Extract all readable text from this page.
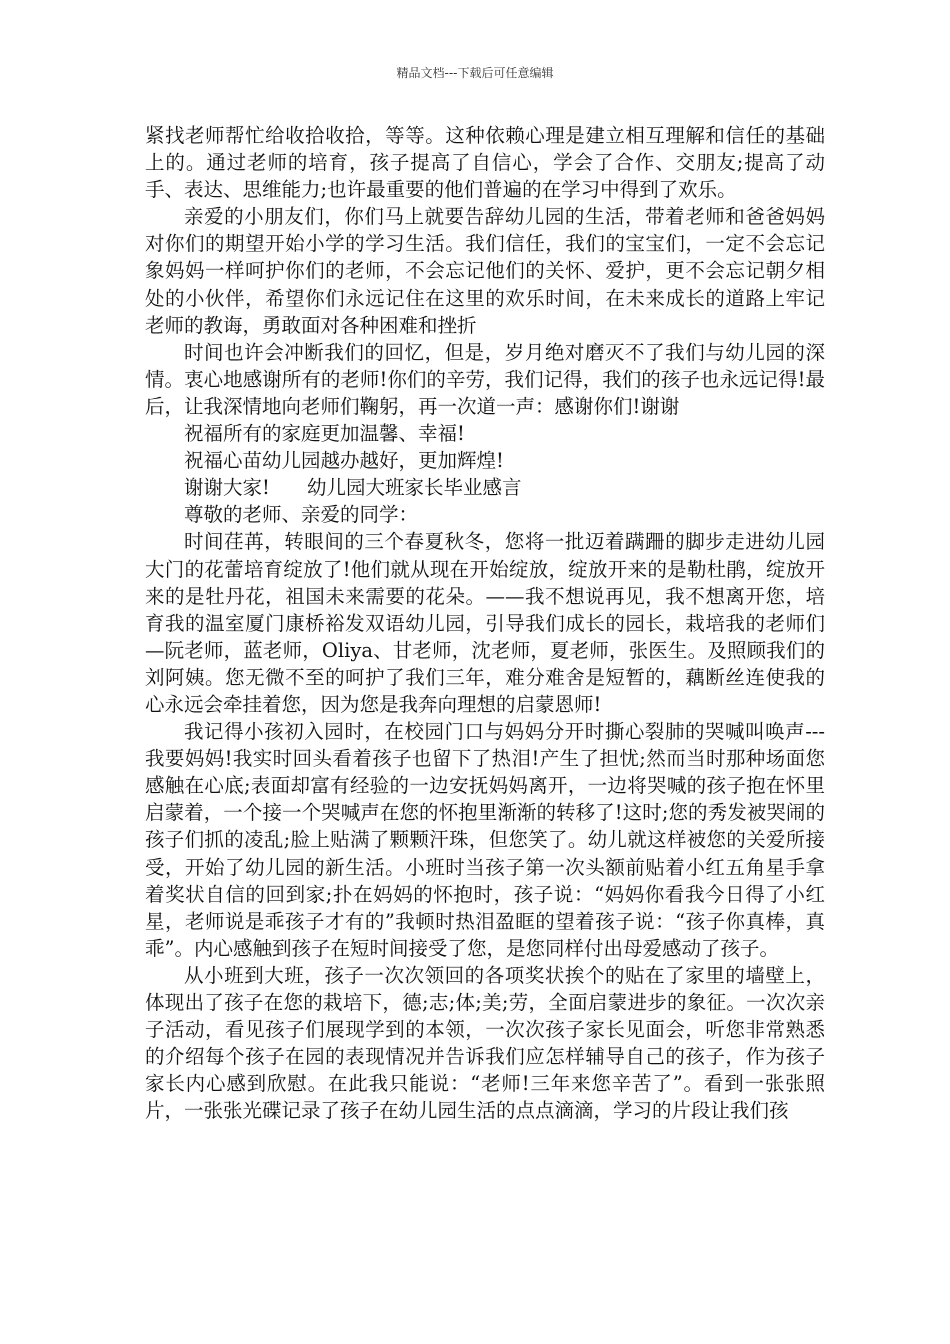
精品文档---下载后可任意编辑

紧找老师帮忙给收拾收拾，等等。这种依赖心理是建立相互理解和信任的基础上的。通过老师的培育，孩子提高了自信心，学会了合作、交朋友;提高了动手、表达、思维能力;也许最重要的他们普遍的在学习中得到了欢乐。

亲爱的小朋友们，你们马上就要告辞幼儿园的生活，带着老师和爸爸妈妈对你们的期望开始小学的学习生活。我们信任，我们的宝宝们，一定不会忘记象妈妈一样呵护你们的老师，不会忘记他们的关怀、爱护，更不会忘记朝夕相处的小伙伴，希望你们永远记住在这里的欢乐时间，在未来成长的道路上牢记老师的教诲，勇敢面对各种困难和挫折

时间也许会冲断我们的回忆，但是，岁月绝对磨灭不了我们与幼儿园的深情。衷心地感谢所有的老师!你们的辛劳，我们记得，我们的孩子也永远记得!最后，让我深情地向老师们鞠躬，再一次道一声：感谢你们!谢谢

祝福所有的家庭更加温馨、幸福!

祝福心苗幼儿园越办越好，更加辉煌!

谢谢大家!      幼儿园大班家长毕业感言

尊敬的老师、亲爱的同学：

时间荏苒，转眼间的三个春夏秋冬，您将一批迈着蹒跚的脚步走进幼儿园大门的花蕾培育绽放了!他们就从现在开始绽放，绽放开来的是勒杜鹃，绽放开来的是牡丹花，祖国未来需要的花朵。——我不想说再见，我不想离开您，培育我的温室厦门康桥裕发双语幼儿园，引导我们成长的园长，栽培我的老师们—阮老师，蓝老师，Oliya、甘老师，沈老师，夏老师，张医生。及照顾我们的刘阿姨。您无微不至的呵护了我们三年，难分难舍是短暂的，藕断丝连使我的心永远会牵挂着您，因为您是我奔向理想的启蒙恩师!

我记得小孩初入园时，在校园门口与妈妈分开时撕心裂肺的哭喊叫唤声---我要妈妈!我实时回头看着孩子也留下了热泪!产生了担忧;然而当时那种场面您感触在心底;表面却富有经验的一边安抚妈妈离开，一边将哭喊的孩子抱在怀里启蒙着，一个接一个哭喊声在您的怀抱里渐渐的转移了!这时;您的秀发被哭闹的孩子们抓的凌乱;脸上贴满了颗颗汗珠，但您笑了。幼儿就这样被您的关爱所接受，开始了幼儿园的新生活。小班时当孩子第一次头额前贴着小红五角星手拿着奖状自信的回到家;扑在妈妈的怀抱时，孩子说：“妈妈你看我今日得了小红星，老师说是乖孩子才有的”我顿时热泪盈眶的望着孩子说：“孩子你真棒，真乖”。内心感触到孩子在短时间接受了您，是您同样付出母爱感动了孩子。

从小班到大班，孩子一次次领回的各项奖状挨个的贴在了家里的墙壁上，体现出了孩子在您的栽培下，德;志;体;美;劳，全面启蒙进步的象征。一次次亲子活动，看见孩子们展现学到的本领，一次次孩子家长见面会，听您非常熟悉的介绍每个孩子在园的表现情况并告诉我们应怎样辅导自己的孩子，作为孩子家长内心感到欣慰。在此我只能说：“老师!三年来您辛苦了”。看到一张张照片，一张张光碟记录了孩子在幼儿园生活的点点滴滴，学习的片段让我们孩
